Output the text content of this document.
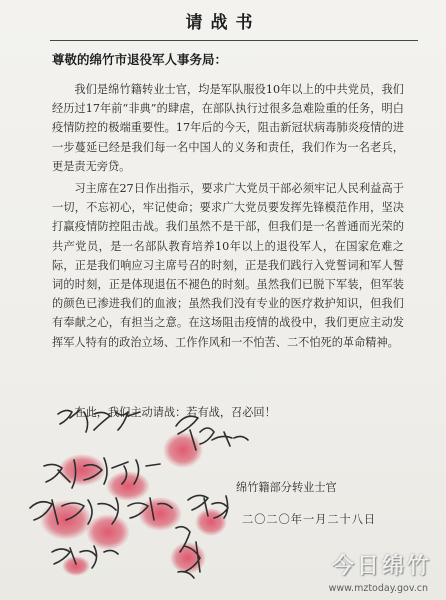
请战书
尊敬的绵竹市退役军人事务局：

我们是绵竹籍转业士官，均是军队服役10年以上的中共党员，我们经历过17年前“非典”的肆虐，在部队执行过很多急难险重的任务，明白疫情防控的极端重要性。17年后的今天，阻击新冠状病毒肺炎疫情的进一步蔓延已经是我们每一名中国人的义务和责任，我们作为一名老兵，更是责无旁贷。

习主席在27日作出指示，要求广大党员干部必须牢记人民利益高于一切，不忘初心，牢记使命；要求广大党员要发挥先锋模范作用，坚决打赢疫情防控阻击战。我们虽然不是干部，但我们是一名普通而光荣的共产党员，是一名部队教育培养10年以上的退役军人，在国家危难之际，正是我们响应习主席号召的时刻，正是我们践行入党誓词和军人誓词的时刻，正是体现退伍不褪色的时刻。虽然我们已脱下军装，但军装的颜色已渗进我们的血液；虽然我们没有专业的医疗救护知识，但我们有奉献之心，有担当之意。在这场阻击疫情的战役中，我们更应主动发挥军人特有的政治立场、工作作风和一不怕苦、二不怕死的革命精神。

在此，我们主动请战：若有战，召必回！
绵竹籍部分转业士官
二〇二〇年一月二十八日
今日绵竹
www.mztoday.gov.cn
